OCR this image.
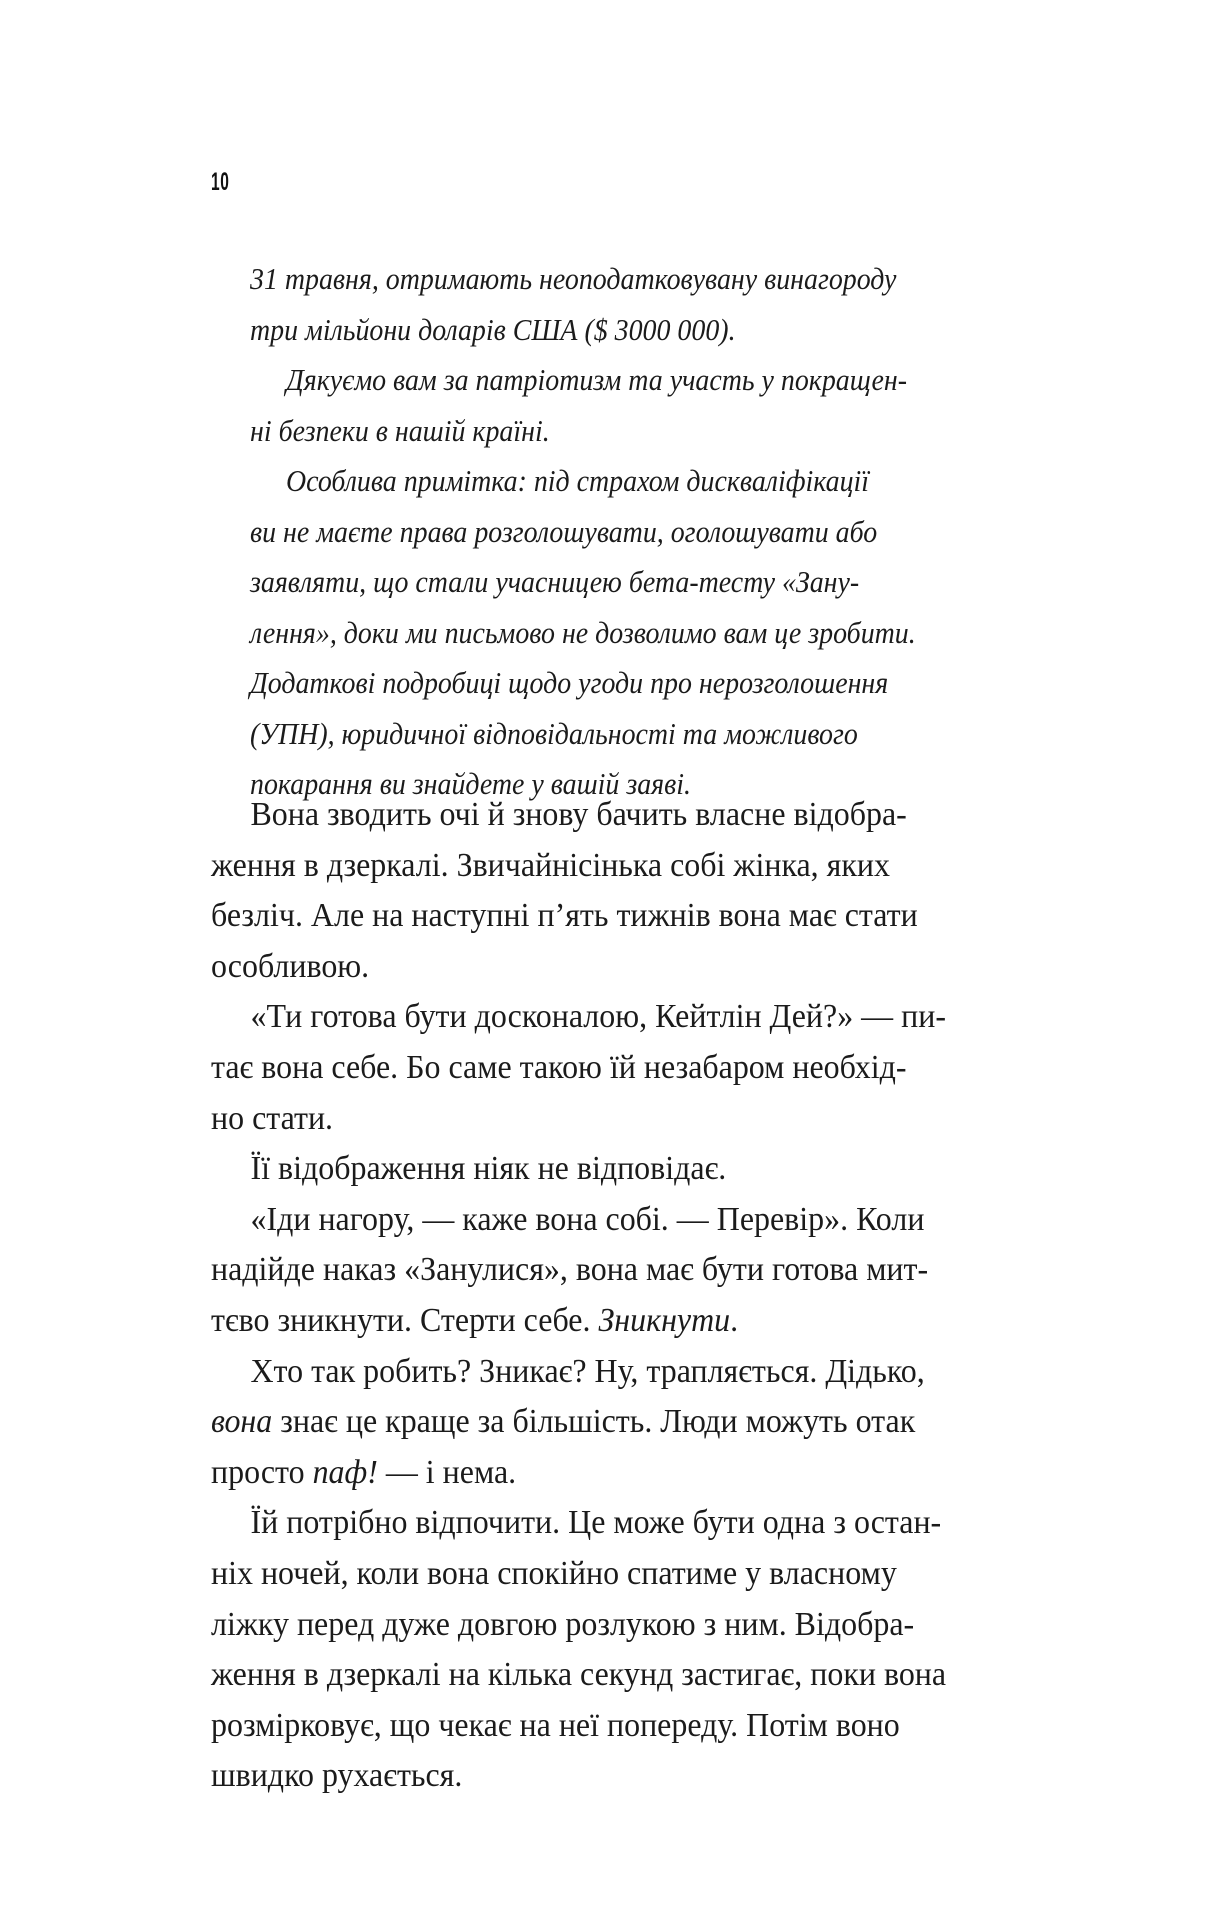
10
31 травня, отримають неоподатковувану винагороду
три мільйони доларів США ($ 3000 000).
Дякуємо вам за патріотизм та участь у покращен-
ні безпеки в нашій країні.
Особлива примітка: під страхом дискваліфікації
ви не маєте права розголошувати, оголошувати або
заявляти, що стали учасницею бета-тесту «Зану-
лення», доки ми письмово не дозволимо вам це зробити.
Додаткові подробиці щодо угоди про нерозголошення
(УПН), юридичної відповідальності та можливого
покарання ви знайдете у вашій заяві.
Вона зводить очі й знову бачить власне відобра-
ження в дзеркалі. Звичайнісінька собі жінка, яких
безліч. Але на наступні п’ять тижнів вона має стати
особливою.
«Ти готова бути досконалою, Кейтлін Дей?» — пи-
тає вона себе. Бо саме такою їй незабаром необхід-
но стати.
Її відображення ніяк не відповідає.
«Іди нагору, — каже вона собі. — Перевір». Коли
надійде наказ «Занулися», вона має бути готова мит-
тєво зникнути. Стерти себе. Зникнути.
Хто так робить? Зникає? Ну, трапляється. Дідько,
вона знає це краще за більшість. Люди можуть отак
просто паф! — і нема.
Їй потрібно відпочити. Це може бути одна з остан-
ніх ночей, коли вона спокійно спатиме у власному
ліжку перед дуже довгою розлукою з ним. Відобра-
ження в дзеркалі на кілька секунд застигає, поки вона
розмірковує, що чекає на неї попереду. Потім воно
швидко рухається.
